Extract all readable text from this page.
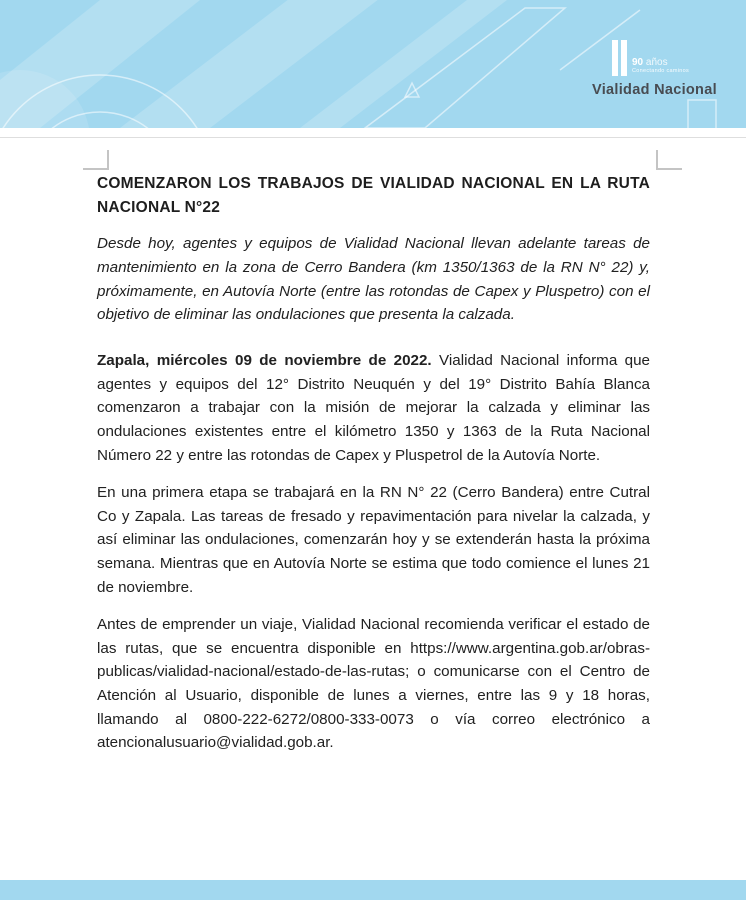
90 años
Conectando caminos
Vialidad Nacional
COMENZARON LOS TRABAJOS DE VIALIDAD NACIONAL EN LA RUTA NACIONAL N°22

Desde hoy, agentes y equipos de Vialidad Nacional llevan adelante tareas de mantenimiento en la zona de Cerro Bandera (km 1350/1363 de la RN N° 22) y, próximamente, en Autovía Norte (entre las rotondas de Capex y Pluspetro) con el objetivo de eliminar las ondulaciones que presenta la calzada.

Zapala, miércoles 09 de noviembre de 2022. Vialidad Nacional informa que agentes y equipos del 12° Distrito Neuquén y del 19° Distrito Bahía Blanca comenzaron a trabajar con la misión de mejorar la calzada y eliminar las ondulaciones existentes entre el kilómetro 1350 y 1363 de la Ruta Nacional Número 22 y entre las rotondas de Capex y Pluspetrol de la Autovía Norte.

En una primera etapa se trabajará en la RN N° 22 (Cerro Bandera) entre Cutral Co y Zapala. Las tareas de fresado y repavimentación para nivelar la calzada, y así eliminar las ondulaciones, comenzarán hoy y se extenderán hasta la próxima semana. Mientras que en Autovía Norte se estima que todo comience el lunes 21 de noviembre.

Antes de emprender un viaje, Vialidad Nacional recomienda verificar el estado de las rutas, que se encuentra disponible en https://www.argentina.gob.ar/obras-publicas/vialidad-nacional/estado-de-las-rutas; o comunicarse con el Centro de Atención al Usuario, disponible de lunes a viernes, entre las 9 y 18 horas, llamando al 0800-222-6272/0800-333-0073 o vía correo electrónico a atencionalusuario@vialidad.gob.ar.
